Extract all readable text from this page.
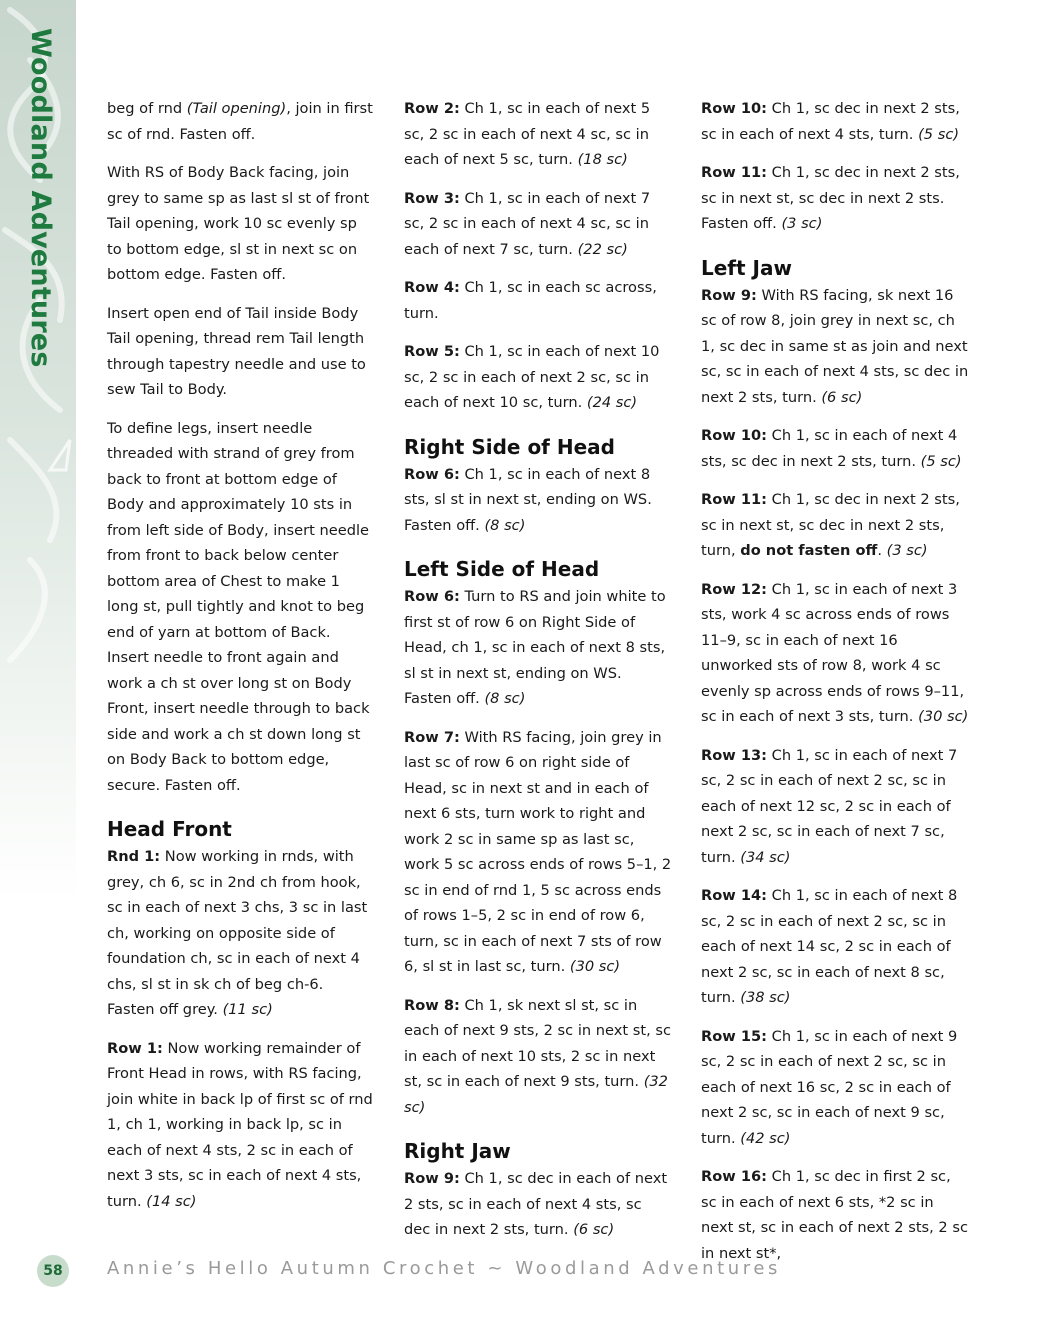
Woodland Adventures	beg of rnd (Tail opening), join in first sc of rnd. Fasten off.
With RS of Body Back facing, join grey to same sp as last sl st of front Tail opening, work 10 sc evenly sp to bottom edge, sl st in next sc on bottom edge. Fasten off.
Insert open end of Tail inside Body Tail opening, thread rem Tail length through tapestry needle and use to sew Tail to Body.
To define legs, insert needle threaded with strand of grey from back to front at bottom edge of Body and approximately 10 sts in from left side of Body, insert needle from front to back below center bottom area of Chest to make 1 long st, pull tightly and knot to beg end of yarn at bottom of Back. Insert needle to front again and work a ch st over long st on Body Front, insert needle through to back side and work a ch st down long st on Body Back to bottom edge, secure. Fasten off.
Head Front
Rnd 1: Now working in rnds, with grey, ch 6, sc in 2nd ch from hook, sc in each of next 3 chs, 3 sc in last ch, working on opposite side of foundation ch, sc in each of next 4 chs, sl st in sk ch of beg ch-6. Fasten off grey. (11 sc)
Row 1: Now working remainder of Front Head in rows, with RS facing, join white in back lp of first sc of rnd 1, ch 1, working in back lp, sc in each of next 4 sts, 2 sc in each of next 3 sts, sc in each of next 4 sts, turn. (14 sc)
Row 2: Ch 1, sc in each of next 5 sc, 2 sc in each of next 4 sc, sc in each of next 5 sc, turn. (18 sc)
Row 3: Ch 1, sc in each of next 7 sc, 2 sc in each of next 4 sc, sc in each of next 7 sc, turn. (22 sc)
Row 4: Ch 1, sc in each sc across, turn.
Row 5: Ch 1, sc in each of next 10 sc, 2 sc in each of next 2 sc, sc in each of next 10 sc, turn. (24 sc)
Right Side of Head
Row 6: Ch 1, sc in each of next 8 sts, sl st in next st, ending on WS. Fasten off. (8 sc)
Left Side of Head
Row 6: Turn to RS and join white to first st of row 6 on Right Side of Head, ch 1, sc in each of next 8 sts, sl st in next st, ending on WS. Fasten off. (8 sc)
Row 7: With RS facing, join grey in last sc of row 6 on right side of Head, sc in next st and in each of next 6 sts, turn work to right and work 2 sc in same sp as last sc, work 5 sc across ends of rows 5–1, 2 sc in end of rnd 1, 5 sc across ends of rows 1–5, 2 sc in end of row 6, turn, sc in each of next 7 sts of row 6, sl st in last sc, turn. (30 sc)
Row 8: Ch 1, sk next sl st, sc in each of next 9 sts, 2 sc in next st, sc in each of next 10 sts, 2 sc in next st, sc in each of next 9 sts, turn. (32 sc)
Right Jaw
Row 9: Ch 1, sc dec in each of next 2 sts, sc in each of next 4 sts, sc dec in next 2 sts, turn. (6 sc)
Row 10: Ch 1, sc dec in next 2 sts, sc in each of next 4 sts, turn. (5 sc)
Row 11: Ch 1, sc dec in next 2 sts, sc in next st, sc dec in next 2 sts. Fasten off. (3 sc)
Left Jaw
Row 9: With RS facing, sk next 16 sc of row 8, join grey in next sc, ch 1, sc dec in same st as join and next sc, sc in each of next 4 sts, sc dec in next 2 sts, turn. (6 sc)
Row 10: Ch 1, sc in each of next 4 sts, sc dec in next 2 sts, turn. (5 sc)
Row 11: Ch 1, sc dec in next 2 sts, sc in next st, sc dec in next 2 sts, turn, do not fasten off. (3 sc)
Row 12: Ch 1, sc in each of next 3 sts, work 4 sc across ends of rows 11–9, sc in each of next 16 unworked sts of row 8, work 4 sc evenly sp across ends of rows 9–11, sc in each of next 3 sts, turn. (30 sc)
Row 13: Ch 1, sc in each of next 7 sc, 2 sc in each of next 2 sc, sc in each of next 12 sc, 2 sc in each of next 2 sc, sc in each of next 7 sc, turn. (34 sc)
Row 14: Ch 1, sc in each of next 8 sc, 2 sc in each of next 2 sc, sc in each of next 14 sc, 2 sc in each of next 2 sc, sc in each of next 8 sc, turn. (38 sc)
Row 15: Ch 1, sc in each of next 9 sc, 2 sc in each of next 2 sc, sc in each of next 16 sc, 2 sc in each of next 2 sc, sc in each of next 9 sc, turn. (42 sc)
Row 16: Ch 1, sc dec in first 2 sc, sc in each of next 6 sts, *2 sc in next st, sc in each of next 2 sts, 2 sc in next st*,
58 Annie’s Hello Autumn Crochet ~ Woodland Adventures
